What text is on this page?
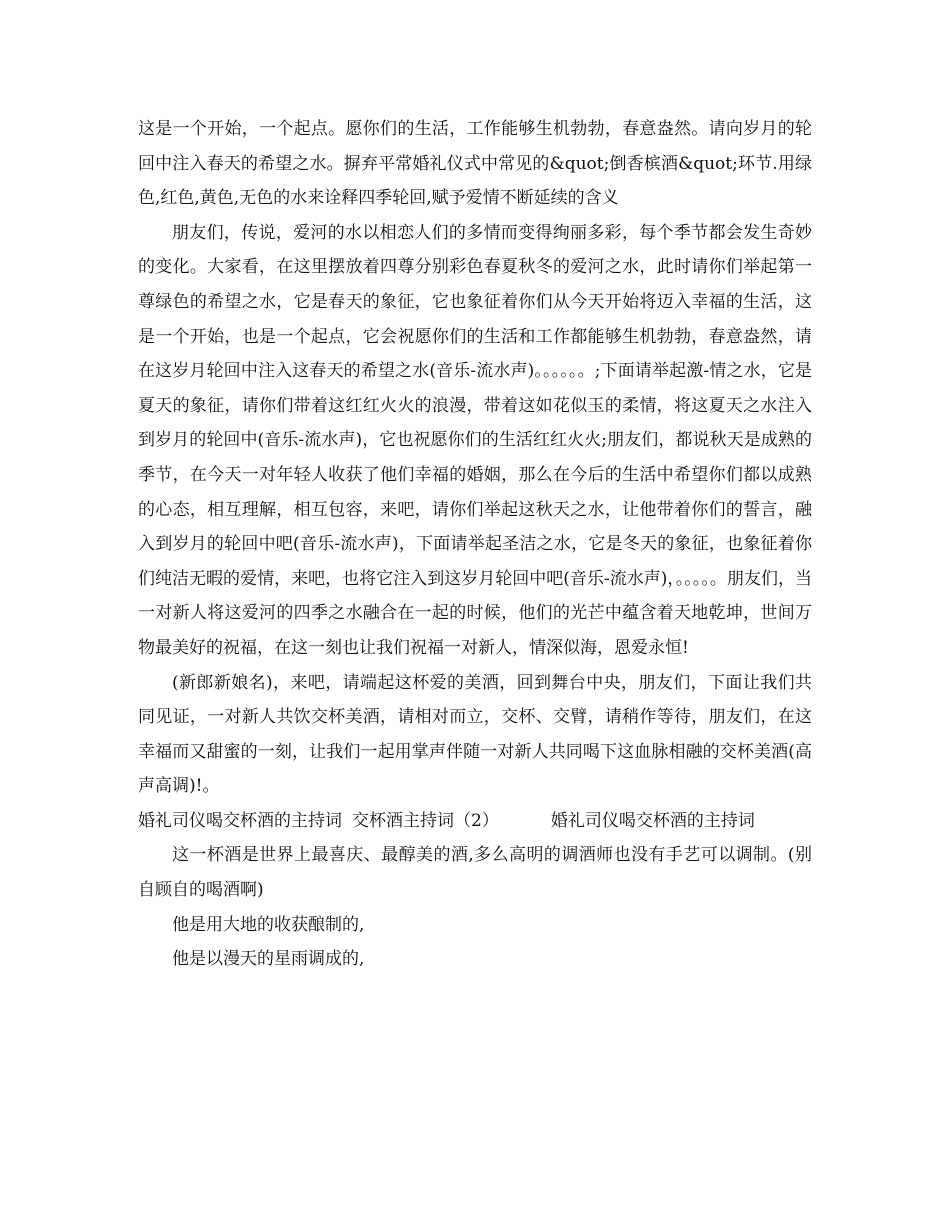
这是一个开始，一个起点。愿你们的生活，工作能够生机勃勃，春意盎然。请向岁月的轮回中注入春天的希望之水。摒弃平常婚礼仪式中常见的&quot;倒香槟酒&quot;环节.用绿色,红色,黄色,无色的水来诠释四季轮回,赋予爱情不断延续的含义

朋友们，传说，爱河的水以相恋人们的多情而变得绚丽多彩，每个季节都会发生奇妙的变化。大家看，在这里摆放着四尊分别彩色春夏秋冬的爱河之水，此时请你们举起第一尊绿色的希望之水，它是春天的象征，它也象征着你们从今天开始将迈入幸福的生活，这是一个开始，也是一个起点，它会祝愿你们的生活和工作都能够生机勃勃，春意盎然，请在这岁月轮回中注入这春天的希望之水(音乐-流水声)。。。。。。;下面请举起激-情之水，它是夏天的象征，请你们带着这红红火火的浪漫，带着这如花似玉的柔情，将这夏天之水注入到岁月的轮回中(音乐-流水声)，它也祝愿你们的生活红红火火;朋友们，都说秋天是成熟的季节，在今天一对年轻人收获了他们幸福的婚姻，那么在今后的生活中希望你们都以成熟的心态，相互理解，相互包容，来吧，请你们举起这秋天之水，让他带着你们的誓言，融入到岁月的轮回中吧(音乐-流水声)，下面请举起圣洁之水，它是冬天的象征，也象征着你们纯洁无暇的爱情，来吧，也将它注入到这岁月轮回中吧(音乐-流水声)，。。。。。朋友们，当一对新人将这爱河的四季之水融合在一起的时候，他们的光芒中蕴含着天地乾坤，世间万物最美好的祝福，在这一刻也让我们祝福一对新人，情深似海，恩爱永恒!

(新郎新娘名)，来吧，请端起这杯爱的美酒，回到舞台中央，朋友们，下面让我们共同见证，一对新人共饮交杯美酒，请相对而立，交杯、交臂，请稍作等待，朋友们，在这幸福而又甜蜜的一刻，让我们一起用掌声伴随一对新人共同喝下这血脉相融的交杯美酒(高声高调)!。

婚礼司仪喝交杯酒的主持词 交杯酒主持词（2）	婚礼司仪喝交杯酒的主持词

这一杯酒是世界上最喜庆、最醇美的酒,多么高明的调酒师也没有手艺可以调制。(别自顾自的喝酒啊)

他是用大地的收获酿制的,

他是以漫天的星雨调成的,
